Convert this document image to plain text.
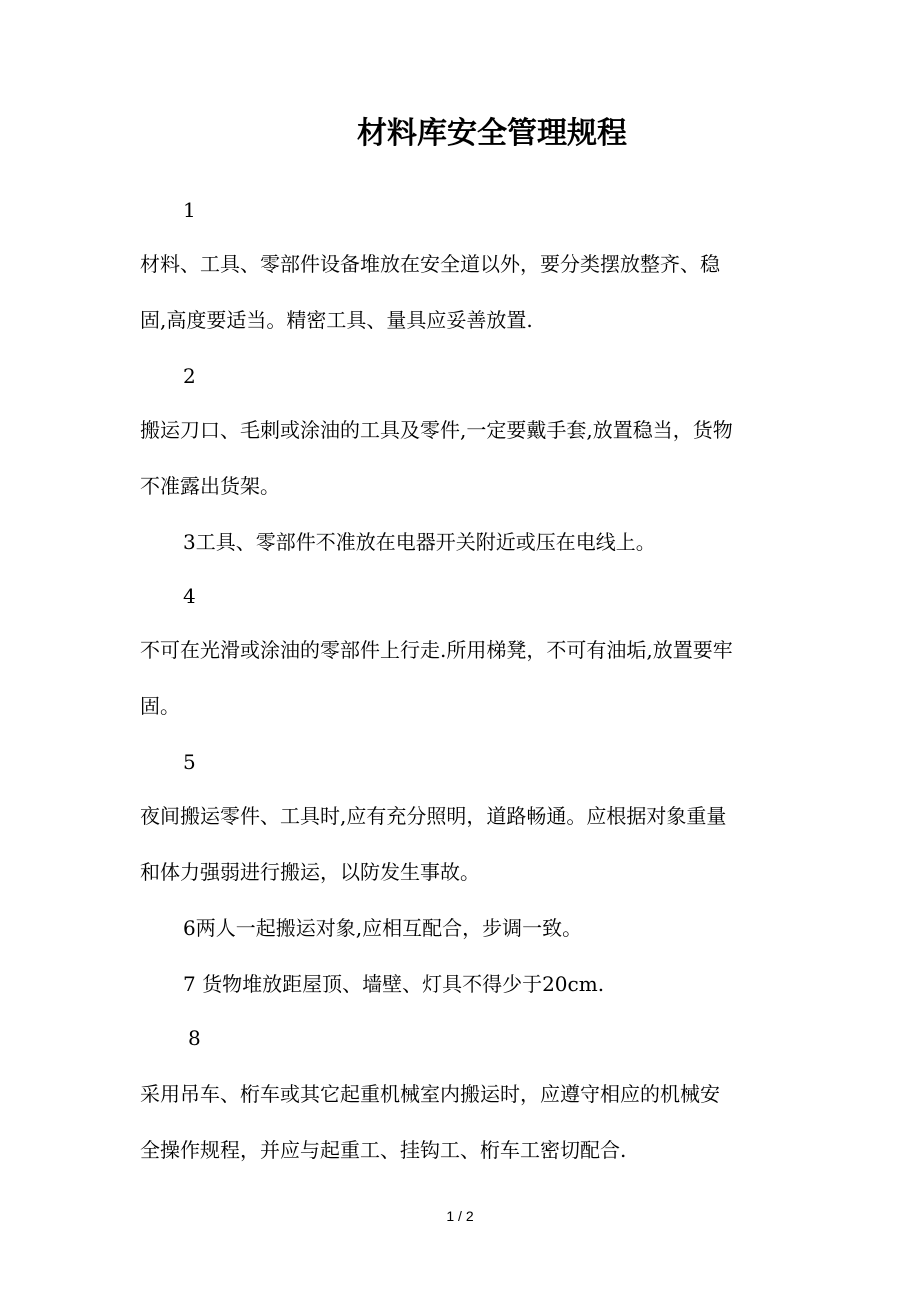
材料库安全管理规程
1
材料、工具、零部件设备堆放在安全道以外，要分类摆放整齐、稳
固,高度要适当。精密工具、量具应妥善放置.
2
搬运刀口、毛刺或涂油的工具及零件,一定要戴手套,放置稳当，货物
不准露出货架。
3工具、零部件不准放在电器开关附近或压在电线上。
4
不可在光滑或涂油的零部件上行走.所用梯凳，不可有油垢,放置要牢
固。
5
夜间搬运零件、工具时,应有充分照明，道路畅通。应根据对象重量
和体力强弱进行搬运，以防发生事故。
6两人一起搬运对象,应相互配合，步调一致。
7 货物堆放距屋顶、墙壁、灯具不得少于20cm.
8
采用吊车、桁车或其它起重机械室内搬运时，应遵守相应的机械安
全操作规程，并应与起重工、挂钩工、桁车工密切配合.
1 / 2
